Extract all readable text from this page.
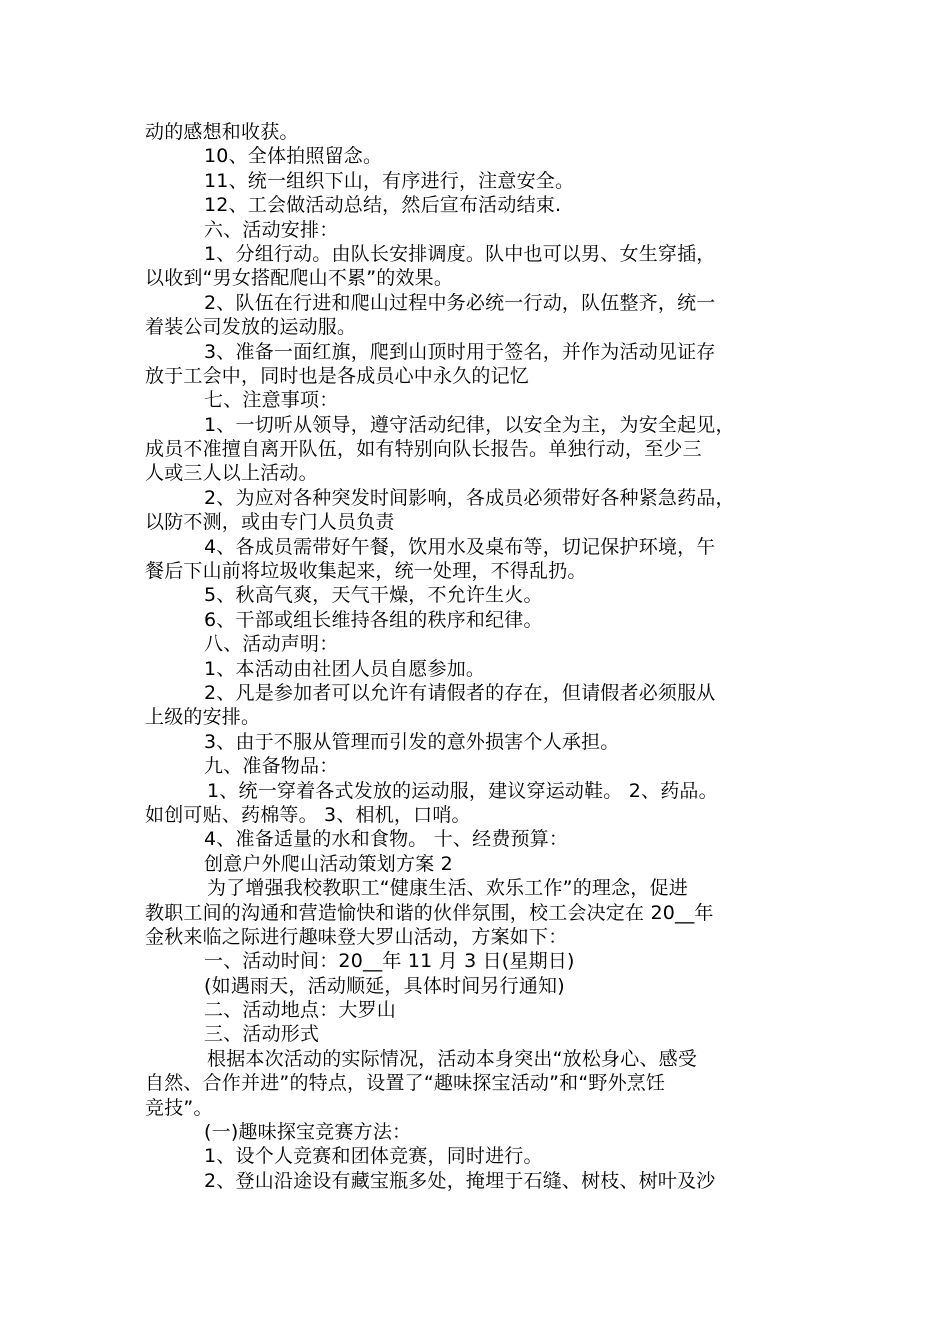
动的感想和收获。
10、全体拍照留念。
11、统一组织下山，有序进行，注意安全。
12、工会做活动总结，然后宣布活动结束.
六、活动安排：
1、分组行动。由队长安排调度。队中也可以男、女生穿插，
以收到“男女搭配爬山不累”的效果。
2、队伍在行进和爬山过程中务必统一行动，队伍整齐，统一
着装公司发放的运动服。
3、准备一面红旗，爬到山顶时用于签名，并作为活动见证存
放于工会中，同时也是各成员心中永久的记忆
七、注意事项：
1、一切听从领导，遵守活动纪律，以安全为主，为安全起见，
成员不准擅自离开队伍，如有特别向队长报告。单独行动，至少三
人或三人以上活动。
2、为应对各种突发时间影响，各成员必须带好各种紧急药品，
以防不测，或由专门人员负责
4、各成员需带好午餐，饮用水及桌布等，切记保护环境，午
餐后下山前将垃圾收集起来，统一处理，不得乱扔。
5、秋高气爽，天气干燥，不允许生火。
6、干部或组长维持各组的秩序和纪律。
八、活动声明：
1、本活动由社团人员自愿参加。
2、凡是参加者可以允许有请假者的存在，但请假者必须服从
上级的安排。
3、由于不服从管理而引发的意外损害个人承担。
九、准备物品：
1、统一穿着各式发放的运动服，建议穿运动鞋。 2、药品。
如创可贴、药棉等。 3、相机，口哨。
4、准备适量的水和食物。 十、经费预算：
创意户外爬山活动策划方案 2
为了增强我校教职工“健康生活、欢乐工作”的理念，促进
教职工间的沟通和营造愉快和谐的伙伴氛围，校工会决定在 20__年
金秋来临之际进行趣味登大罗山活动，方案如下：
一、活动时间：20__年 11 月 3 日(星期日)
(如遇雨天，活动顺延，具体时间另行通知)
二、活动地点：大罗山
三、活动形式
根据本次活动的实际情况，活动本身突出“放松身心、感受
自然、合作并进”的特点，设置了“趣味探宝活动”和“野外烹饪
竞技”。
(一)趣味探宝竞赛方法：
1、设个人竞赛和团体竞赛，同时进行。
2、登山沿途设有藏宝瓶多处，掩埋于石缝、树枝、树叶及沙
